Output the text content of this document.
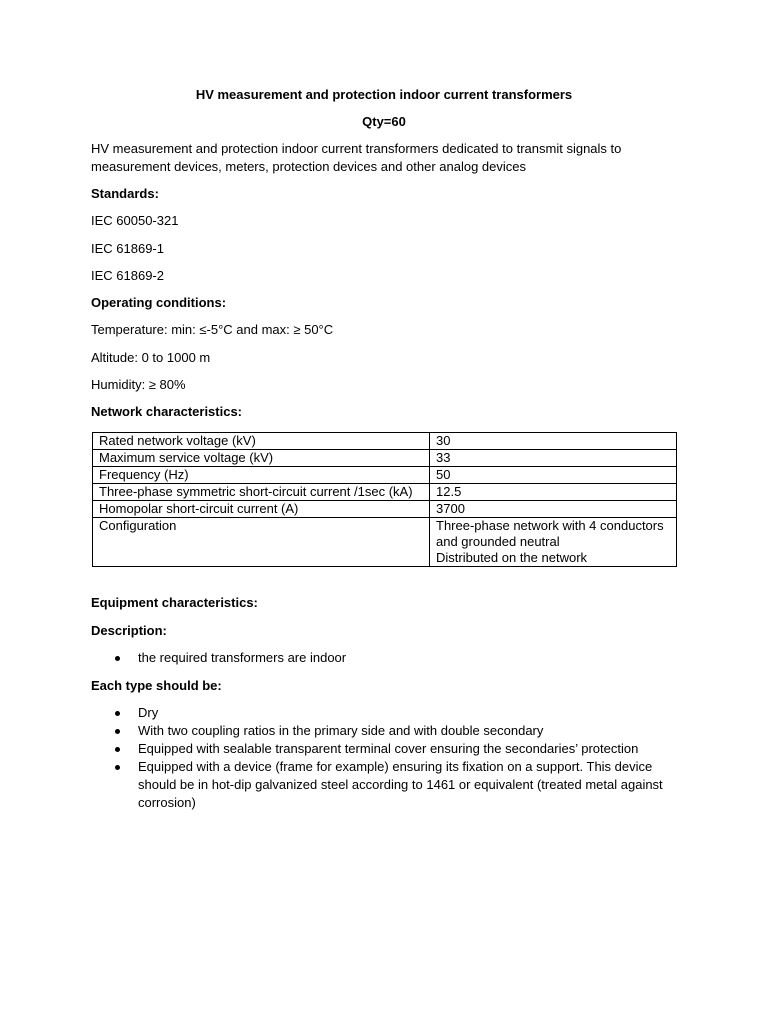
HV measurement and protection indoor current transformers
Qty=60
HV measurement and protection indoor current transformers dedicated to transmit signals to
measurement devices, meters, protection devices and other analog devices
Standards:
IEC 60050-321
IEC 61869-1
IEC 61869-2
Operating conditions:
Temperature: min: ≤-5°C and max: ≥ 50°C
Altitude: 0 to 1000 m
Humidity: ≥ 80%
Network characteristics:
Rated network voltage (kV)	30
Maximum service voltage (kV)	33
Frequency (Hz)	50
Three-phase symmetric short-circuit current /1sec (kA)	12.5
Homopolar short-circuit current (A)	3700
Configuration	Three-phase network with 4 conductors
and grounded neutral
Distributed on the network
Equipment characteristics:
Description:
the required transformers are indoor
Each type should be:
Dry
With two coupling ratios in the primary side and with double secondary
Equipped with sealable transparent terminal cover ensuring the secondaries’ protection
Equipped with a device (frame for example) ensuring its fixation on a support. This device
should be in hot-dip galvanized steel according to 1461 or equivalent (treated metal against
corrosion)
